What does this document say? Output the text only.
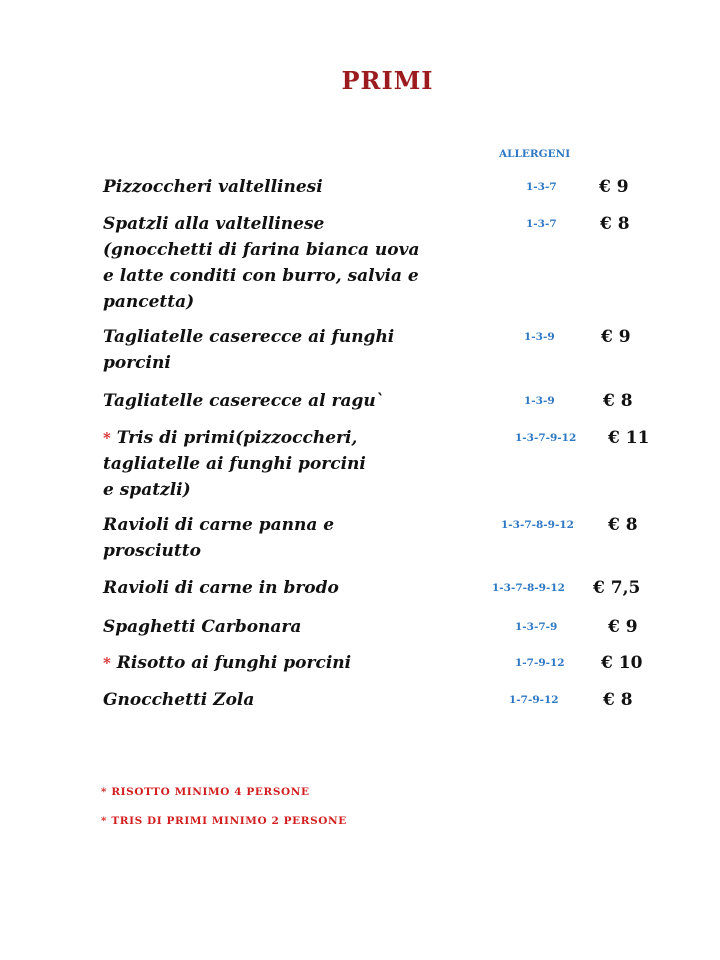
PRIMI
ALLERGENI
Pizzoccheri valtellinesi	1-3-7 € 9
Spatzli alla valtellinese
(gnocchetti di farina bianca uova
e latte conditi con burro, salvia e
pancetta)
1-3-7	€ 8
Tagliatelle caserecce ai funghi
porcini
1-3-9	€ 9
Tagliatelle caserecce al ragu`	1-3-9	€ 8
* Tris di primi(pizzoccheri,
tagliatelle ai funghi porcini
e spatzli)
1-3-7-9-12 € 11
Ravioli di carne panna e
prosciutto
1-3-7-8-9-12 € 8
Ravioli di carne in brodo	1-3-7-8-9-12 € 7,5
Spaghetti Carbonara	1-3-7-9	€ 9
* Risotto ai funghi porcini	1-7-9-12 € 10
Gnocchetti Zola	1-7-9-12	€ 8
* RISOTTO MINIMO 4 PERSONE
* TRIS DI PRIMI MINIMO 2 PERSONE
